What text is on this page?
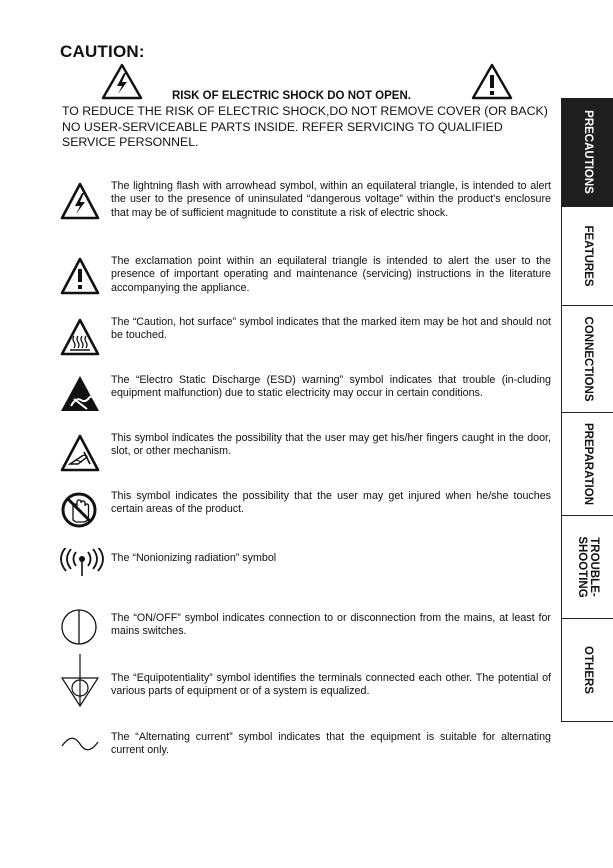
CAUTION:
RISK OF ELECTRIC SHOCK DO NOT OPEN.

TO REDUCE THE RISK OF ELECTRIC SHOCK,DO NOT REMOVE COVER (OR BACK)

NO USER-SERVICEABLE PARTS INSIDE. REFER SERVICING TO QUALIFIED SERVICE PERSONNEL.

The lightning flash with arrowhead symbol, within an equilateral triangle, is intended to alert the user to the presence of uninsulated “dangerous voltage” within the product's enclosure that may be of sufficient magnitude to constitute a risk of electric shock.
The exclamation point within an equilateral triangle is intended to alert the user to the presence of important operating and maintenance (servicing) instructions in the literature accompanying the appliance.
The “Caution, hot surface” symbol indicates that the marked item may be hot and should not be touched.
The “Electro Static Discharge (ESD) warning” symbol indicates that trouble (in-cluding equipment malfunction) due to static electricity may occur in certain conditions.
This symbol indicates the possibility that the user may get his/her fingers caught in the door, slot, or other mechanism.
This symbol indicates the possibility that the user may get injured when he/she touches certain areas of the product.
The “Nonionizing radiation” symbol
The “ON/OFF” symbol indicates connection to or disconnection from the mains, at least for mains switches.
The “Equipotentiality” symbol identifies the terminals connected each other. The potential of various parts of equipment or of a system is equalized.
The “Alternating current” symbol indicates that the equipment is suitable for alternating current only.
PRECAUTIONS
FEATURES
CONNECTIONS
PREPARATION
TROUBLE-
SHOOTING
OTHERS
